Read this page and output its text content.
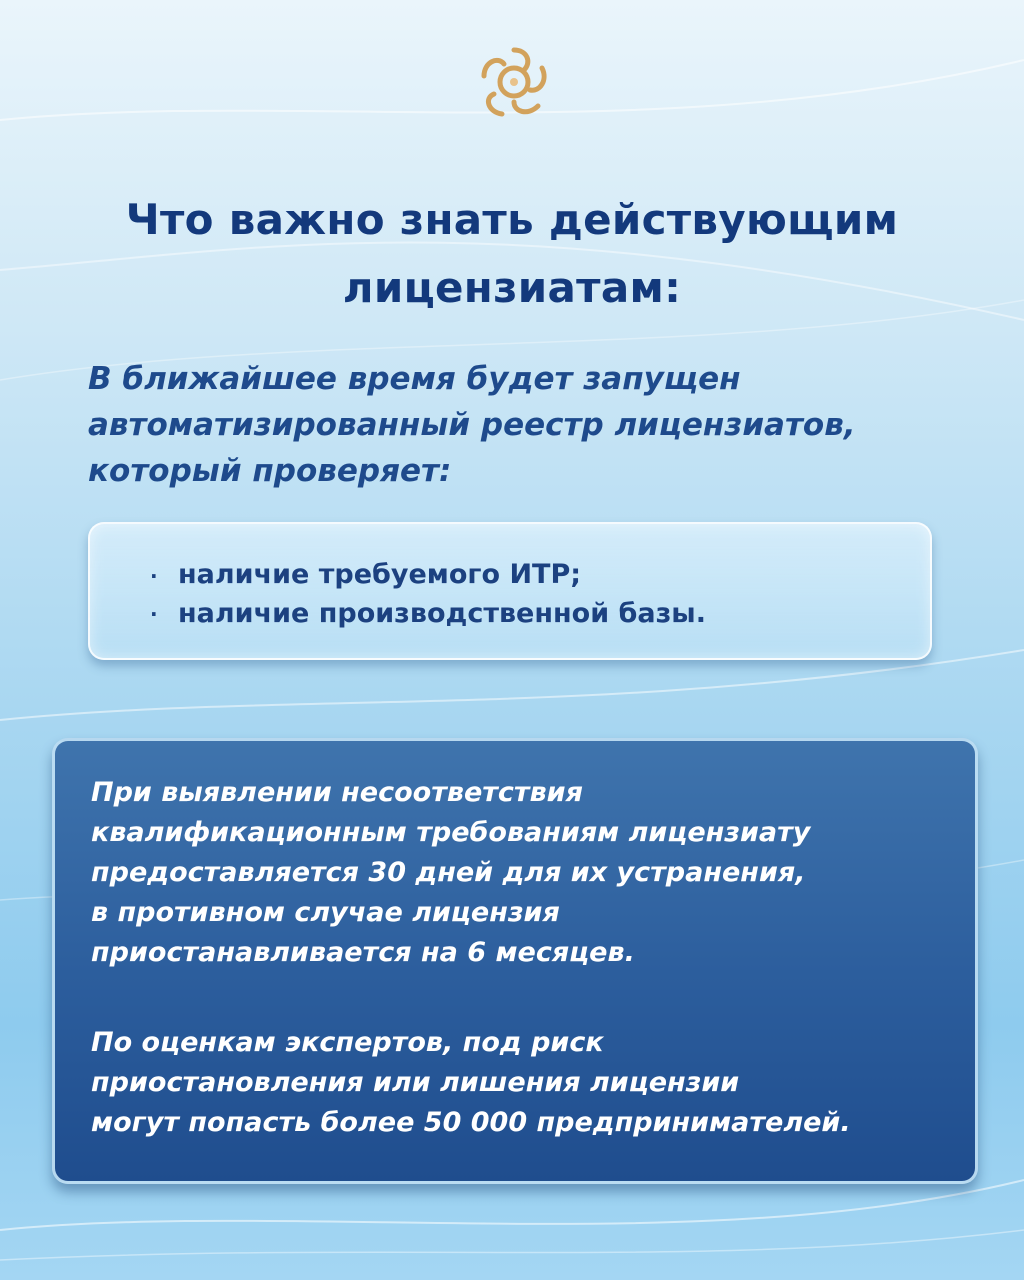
Что важно знать действующим
лицензиатам:

В ближайшее время будет запущен
автоматизированный реестр лицензиатов,
который проверяет:

· наличие требуемого ИТР;
· наличие производственной базы.

При выявлении несоответствия
квалификационным требованиям лицензиату
предоставляется 30 дней для их устранения,
в противном случае лицензия
приостанавливается на 6 месяцев.

По оценкам экспертов, под риск
приостановления или лишения лицензии
могут попасть более 50 000 предпринимателей.
